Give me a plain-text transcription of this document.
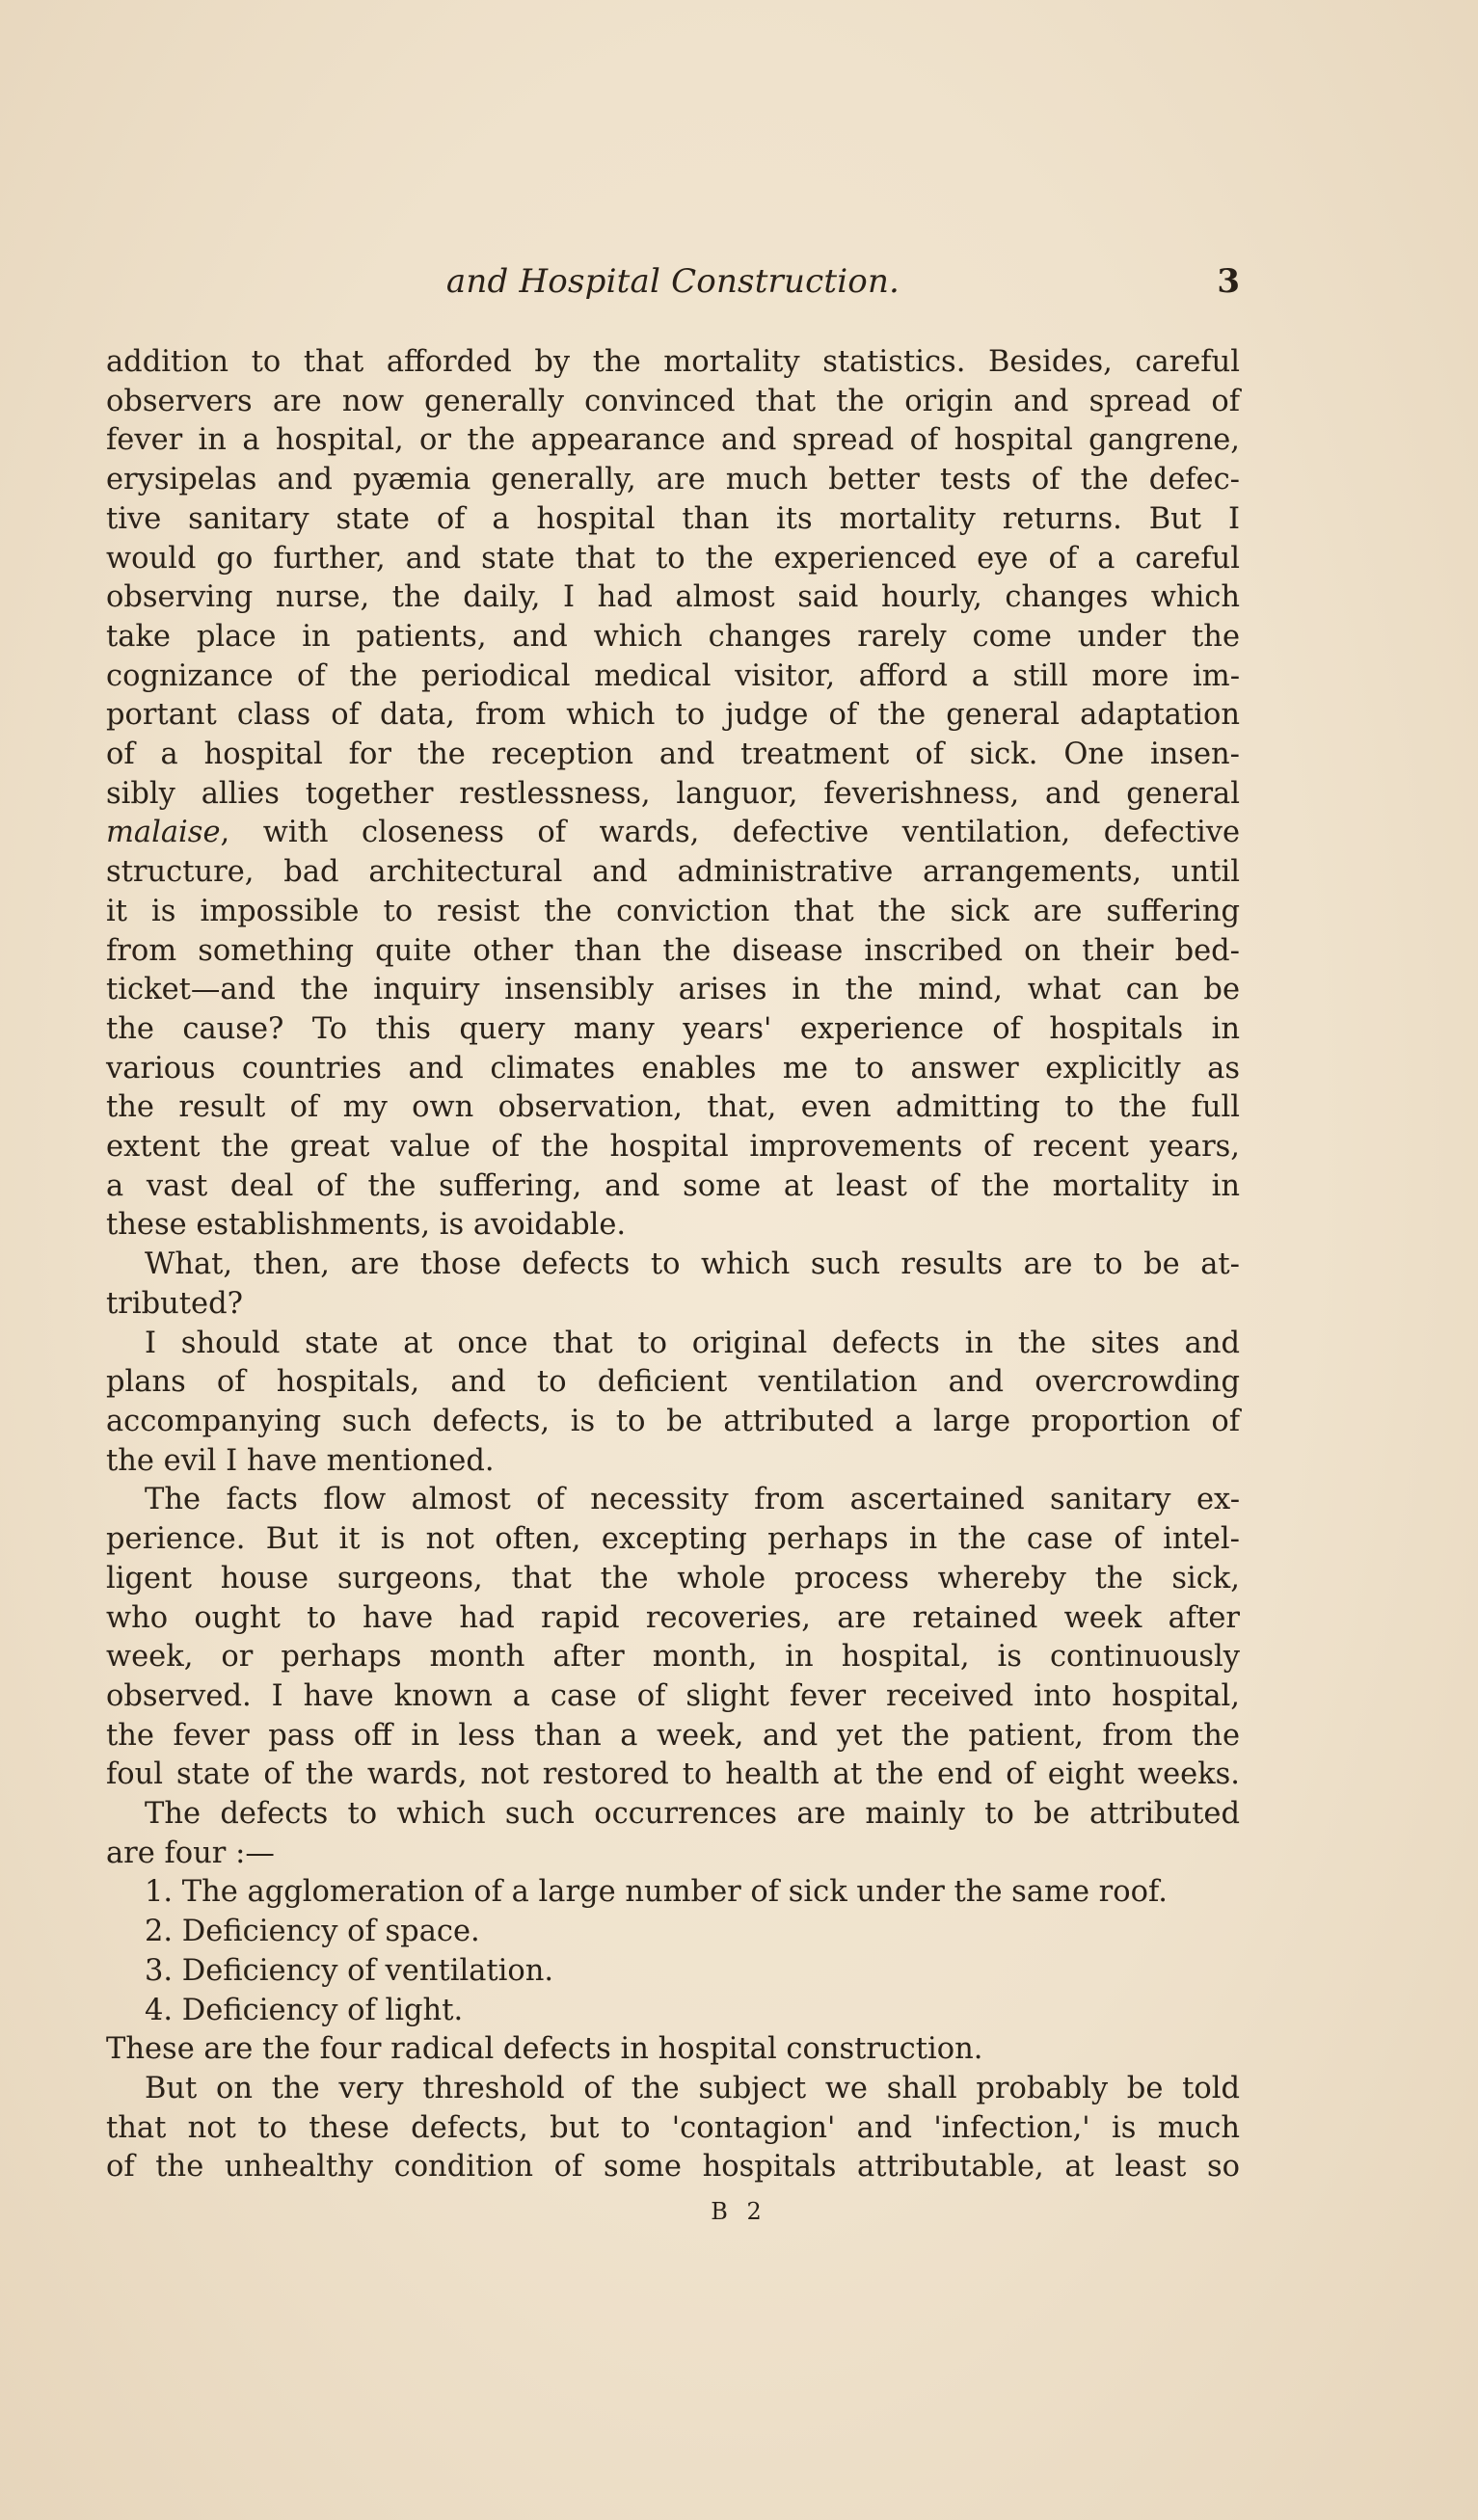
and Hospital Construction.	3
addition to that afforded by the mortality statistics. Besides, careful
observers are now generally convinced that the origin and spread of
fever in a hospital, or the appearance and spread of hospital gangrene,
erysipelas and pyæmia generally, are much better tests of the defec-
tive sanitary state of a hospital than its mortality returns. But I
would go further, and state that to the experienced eye of a careful
observing nurse, the daily, I had almost said hourly, changes which
take place in patients, and which changes rarely come under the
cognizance of the periodical medical visitor, afford a still more im-
portant class of data, from which to judge of the general adaptation
of a hospital for the reception and treatment of sick. One insen-
sibly allies together restlessness, languor, feverishness, and general
malaise, with closeness of wards, defective ventilation, defective
structure, bad architectural and administrative arrangements, until
it is impossible to resist the conviction that the sick are suffering
from something quite other than the disease inscribed on their bed-
ticket—and the inquiry insensibly arises in the mind, what can be
the cause? To this query many years' experience of hospitals in
various countries and climates enables me to answer explicitly as
the result of my own observation, that, even admitting to the full
extent the great value of the hospital improvements of recent years,
a vast deal of the suffering, and some at least of the mortality in
these establishments, is avoidable.
What, then, are those defects to which such results are to be at-
tributed?
I should state at once that to original defects in the sites and
plans of hospitals, and to deficient ventilation and overcrowding
accompanying such defects, is to be attributed a large proportion of
the evil I have mentioned.
The facts flow almost of necessity from ascertained sanitary ex-
perience. But it is not often, excepting perhaps in the case of intel-
ligent house surgeons, that the whole process whereby the sick,
who ought to have had rapid recoveries, are retained week after
week, or perhaps month after month, in hospital, is continuously
observed. I have known a case of slight fever received into hospital,
the fever pass off in less than a week, and yet the patient, from the
foul state of the wards, not restored to health at the end of eight weeks.
The defects to which such occurrences are mainly to be attributed
are four :—
1. The agglomeration of a large number of sick under the same roof.
2. Deficiency of space.
3. Deficiency of ventilation.
4. Deficiency of light.
These are the four radical defects in hospital construction.
But on the very threshold of the subject we shall probably be told
that not to these defects, but to 'contagion' and 'infection,' is much
of the unhealthy condition of some hospitals attributable, at least so
B 2
